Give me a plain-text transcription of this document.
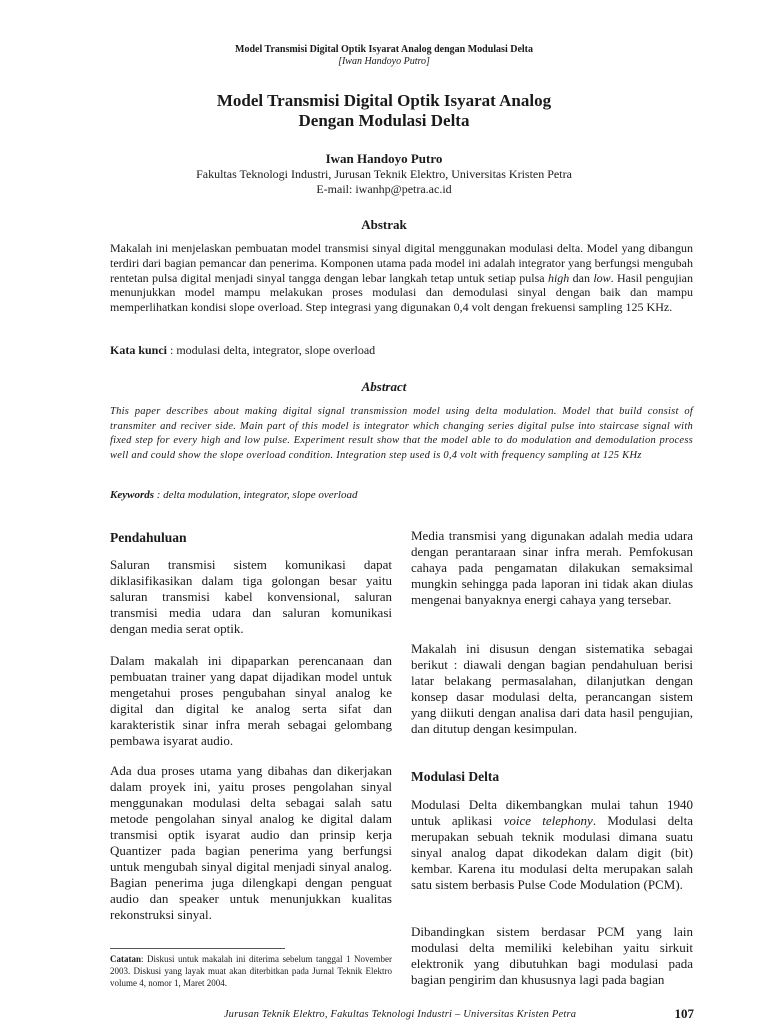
Model Transmisi Digital Optik Isyarat Analog dengan Modulasi Delta
[Iwan Handoyo Putro]
Model Transmisi Digital Optik Isyarat Analog
Dengan Modulasi Delta
Iwan Handoyo Putro
Fakultas Teknologi Industri, Jurusan Teknik Elektro, Universitas Kristen Petra
E-mail: iwanhp@petra.ac.id
Abstrak
Makalah ini menjelaskan pembuatan model transmisi sinyal digital menggunakan modulasi delta. Model yang dibangun terdiri dari bagian pemancar dan penerima. Komponen utama pada model ini adalah integrator yang berfungsi mengubah rentetan pulsa digital menjadi sinyal tangga dengan lebar langkah tetap untuk setiap pulsa high dan low. Hasil pengujian menunjukkan model mampu melakukan proses modulasi dan demodulasi sinyal dengan baik dan mampu memperlihatkan kondisi slope overload. Step integrasi yang digunakan 0,4 volt dengan frekuensi sampling 125 KHz.
Kata kunci : modulasi delta, integrator, slope overload
Abstract
This paper describes about making digital signal transmission model using delta modulation. Model that build consist of transmiter and reciver side. Main part of this model is integrator which changing series digital pulse into staircase signal with fixed step for every high and low pulse. Experiment result show that the model able to do modulation and demodulation process well and could show the slope overload condition. Integration step used is 0,4 volt with frequency sampling at 125 KHz
Keywords : delta modulation, integrator, slope overload
Pendahuluan

Saluran transmisi sistem komunikasi dapat diklasifikasikan dalam tiga golongan besar yaitu saluran transmisi kabel konvensional, saluran transmisi media udara dan saluran komunikasi dengan media serat optik.

Dalam makalah ini dipaparkan perencanaan dan pembuatan trainer yang dapat dijadikan model untuk mengetahui proses pengubahan sinyal analog ke digital dan digital ke analog serta sifat dan karakteristik sinar infra merah sebagai gelombang pembawa isyarat audio.

Ada dua proses utama yang dibahas dan dikerjakan dalam proyek ini, yaitu proses pengolahan sinyal menggunakan modulasi delta sebagai salah satu metode pengolahan sinyal analog ke digital dalam transmisi optik isyarat audio dan prinsip kerja Quantizer pada bagian penerima yang berfungsi untuk mengubah sinyal digital menjadi sinyal analog. Bagian penerima juga dilengkapi dengan penguat audio dan speaker untuk menunjukkan kualitas rekonstruksi sinyal.

Catatan: Diskusi untuk makalah ini diterima sebelum tanggal 1 November 2003. Diskusi yang layak muat akan diterbitkan pada Jurnal Teknik Elektro volume 4, nomor 1, Maret 2004.

Media transmisi yang digunakan adalah media udara dengan perantaraan sinar infra merah. Pemfokusan cahaya pada pengamatan dilakukan semaksimal mungkin sehingga pada laporan ini tidak akan diulas mengenai banyaknya energi cahaya yang tersebar.

Makalah ini disusun dengan sistematika sebagai berikut : diawali dengan bagian pendahuluan berisi latar belakang permasalahan, dilanjutkan dengan konsep dasar modulasi delta, perancangan sistem yang diikuti dengan analisa dari data hasil pengujian, dan ditutup dengan kesimpulan.

Modulasi Delta

Modulasi Delta dikembangkan mulai tahun 1940 untuk aplikasi voice telephony. Modulasi delta merupakan sebuah teknik modulasi dimana suatu sinyal analog dapat dikodekan dalam digit (bit) kembar. Karena itu modulasi delta merupakan salah satu sistem berbasis Pulse Code Modulation (PCM).

Dibandingkan sistem berdasar PCM yang lain modulasi delta memiliki kelebihan yaitu sirkuit elektronik yang dibutuhkan bagi modulasi pada bagian pengirim dan khususnya lagi pada bagian

Jurusan Teknik Elektro, Fakultas Teknologi Industri – Universitas Kristen Petra	107
